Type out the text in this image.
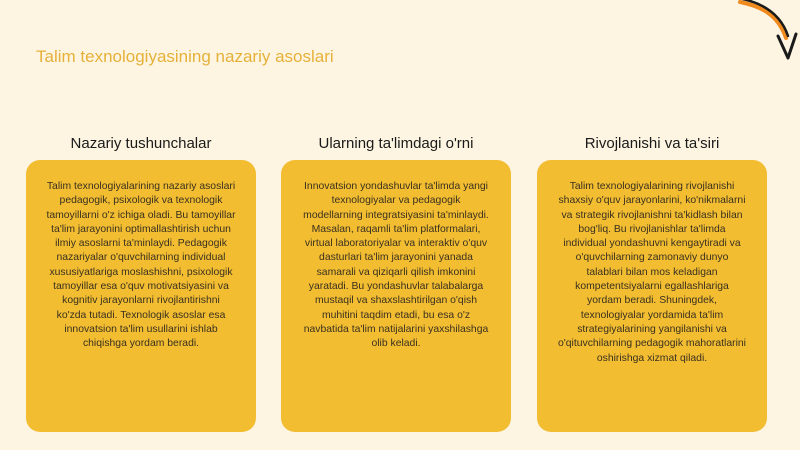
Talim texnologiyasining nazariy asoslari
Nazariy tushunchalar
Talim texnologiyalarining nazariy asoslari pedagogik, psixologik va texnologik tamoyillarni o'z ichiga oladi. Bu tamoyillar ta'lim jarayonini optimallashtirish uchun ilmiy asoslarni ta'minlaydi. Pedagogik nazariyalar o'quvchilarning individual xususiyatlariga moslashishni, psixologik tamoyillar esa o'quv motivatsiyasini va kognitiv jarayonlarni rivojlantirishni ko'zda tutadi. Texnologik asoslar esa innovatsion ta'lim usullarini ishlab chiqishga yordam beradi.
Ularning ta'limdagi o'rni
Innovatsion yondashuvlar ta'limda yangi texnologiyalar va pedagogik modellarning integratsiyasini ta'minlaydi. Masalan, raqamli ta'lim platformalari, virtual laboratoriyalar va interaktiv o'quv dasturlari ta'lim jarayonini yanada samarali va qiziqarli qilish imkonini yaratadi. Bu yondashuvlar talabalarga mustaqil va shaxslashtirilgan o'qish muhitini taqdim etadi, bu esa o'z navbatida ta'lim natijalarini yaxshilashga olib keladi.
Rivojlanishi va ta'siri
Talim texnologiyalarining rivojlanishi shaxsiy o'quv jarayonlarini, ko'nikmalarni va strategik rivojlanishni ta'kidlash bilan bog'liq. Bu rivojlanishlar ta'limda individual yondashuvni kengaytiradi va o'quvchilarning zamonaviy dunyo talablari bilan mos keladigan kompetentsiyalarni egallashlariga yordam beradi. Shuningdek, texnologiyalar yordamida ta'lim strategiyalarining yangilanishi va o'qituvchilarning pedagogik mahoratlarini oshirishga xizmat qiladi.
